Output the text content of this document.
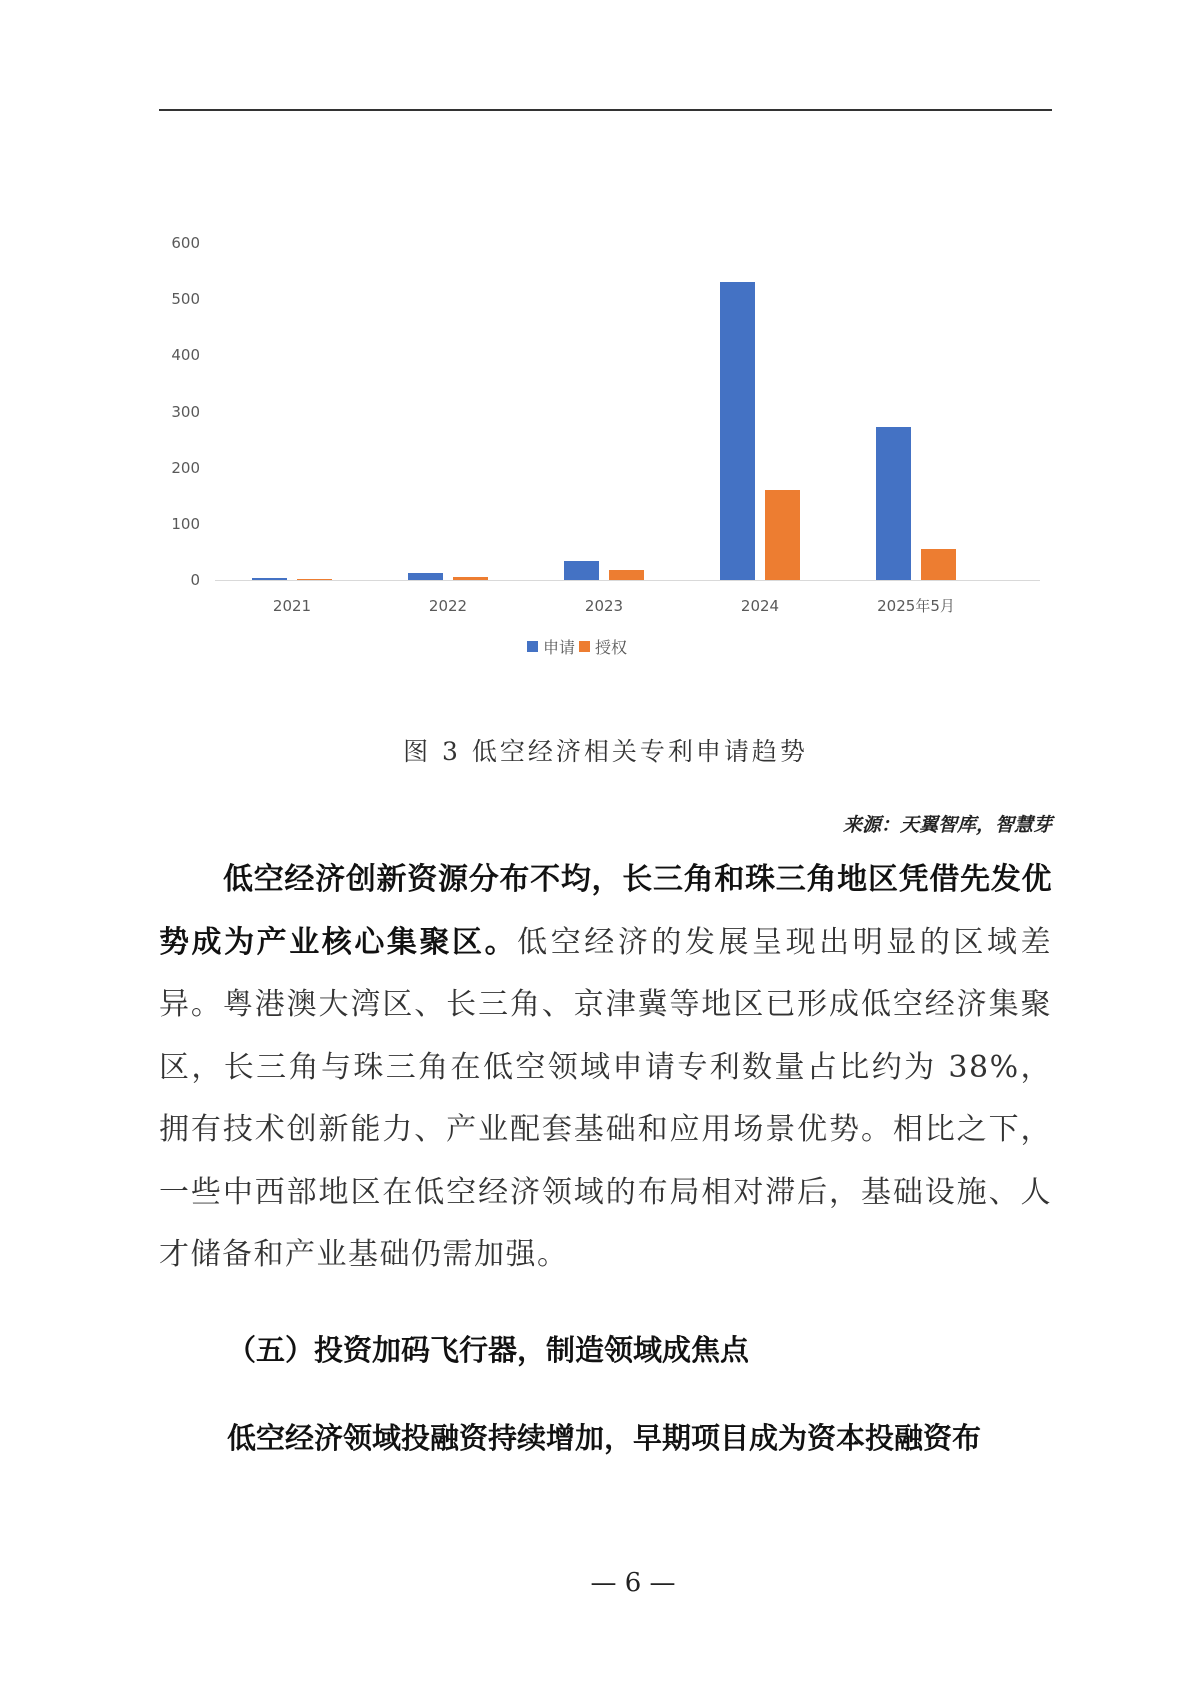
0
100
200
300
400
500
600
2021	2022	2023	2024	2025年5月
申请 授权
图 3 低空经济相关专利申请趋势
来源：天翼智库，智慧芽

低空经济创新资源分布不均，长三角和珠三角地区凭借先发优势成为产业核心集聚区。低空经济的发展呈现出明显的区域差异。粤港澳大湾区、长三角、京津冀等地区已形成低空经济集聚区，长三角与珠三角在低空领域申请专利数量占比约为 38%，拥有技术创新能力、产业配套基础和应用场景优势。相比之下，一些中西部地区在低空经济领域的布局相对滞后，基础设施、人才储备和产业基础仍需加强。

（五）投资加码飞行器，制造领域成焦点
低空经济领域投融资持续增加，早期项目成为资本投融资布
— 6 —
